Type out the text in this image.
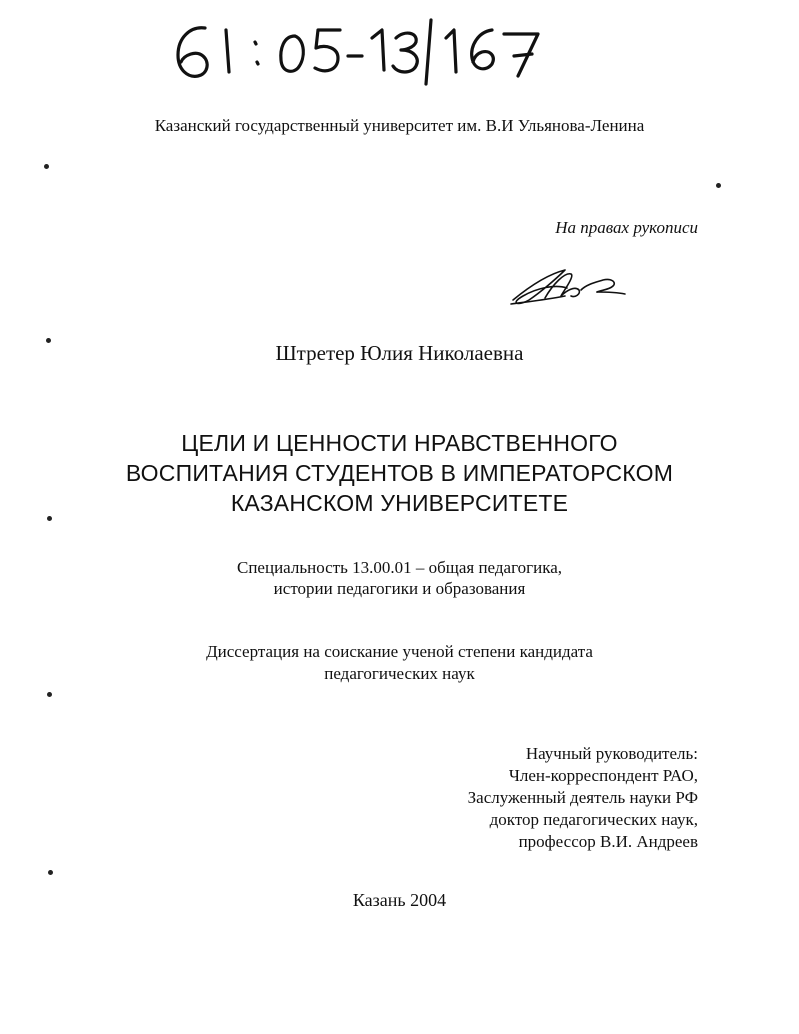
Казанский государственный университет им. В.И Ульянова-Ленина
На правах рукописи
Штретер Юлия Николаевна
ЦЕЛИ И ЦЕННОСТИ НРАВСТВЕННОГО
ВОСПИТАНИЯ СТУДЕНТОВ В ИМПЕРАТОРСКОМ
КАЗАНСКОМ УНИВЕРСИТЕТЕ
Специальность 13.00.01 – общая педагогика,
истории педагогики и образования
Диссертация на соискание ученой степени кандидата
педагогических наук
Научный руководитель:
Член-корреспондент РАО,
Заслуженный деятель науки РФ
доктор педагогических наук,
профессор В.И. Андреев
Казань 2004
